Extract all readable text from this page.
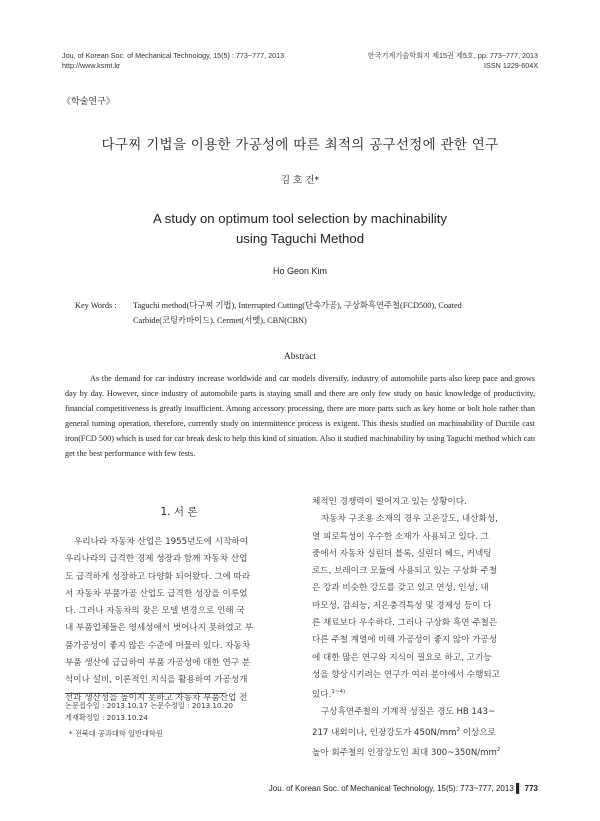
Jou. of Korean Soc. of Mechanical Technology, 15(5) : 773~777, 2013
http://www.ksmt.kr
한국기계기술학회지 제15권 제5호, pp. 773~777, 2013
ISSN 1229-604X
《학술연구》
다구찌 기법을 이용한 가공성에 따른 최적의 공구선정에 관한 연구
김 호 건*
A study on optimum tool selection by machinability
using Taguchi Method
Ho Geon Kim
Key Words : Taguchi method(다구찌 기법), Interrupted Cutting(단속가공), 구상화흑연주철(FCD500), Coated
Carbide(코팅카바이드), Cermet(서멧), CBN(CBN)
Abstract
As the demand for car industry increase worldwide and car models diversify, industry of automobile parts also keep pace and grows day by day. However, since industry of automobile parts is staying small and there are only few study on basic knowledge of productivity, financial competitiveness is greatly insufficient. Among accessory processing, there are more parts such as key home or bolt hole rather than general turning operation, therefore, currently study on intermittence process is exigent. This thesis studied on machinability of Ductile cast iron(FCD 500) which is used for car break desk to help this kind of situation. Also it studied machinability by using Taguchi method which can get the best performance with few tests.
1. 서 론

우리나라 자동차 산업은 1955년도에 시작하여

우리나라의 급격한 경제 성장과 함께 자동차 산업

도 급격하게 성장하고 다양화 되어왔다. 그에 따라

서 자동차 부품가공 산업도 급격한 성장을 이루었

다. 그러나 자동차의 잦은 모델 변경으로 인해 국

내 부품업체들은 영세성에서 벗어나지 못하였고 부

품가공성이 좋지 않은 수준에 머물러 있다. 자동차

부품 생산에 급급하여 부품 가공성에 대한 연구 분

석이나 설비, 이론적인 지식을 활용하여 가공성개

선과 생산성을 높이지 못하고 자동차 부품산업 전

체적인 경쟁력이 떨어지고 있는 상황이다.

자동차 구조용 소재의 경우 고온강도, 내산화성,

열 피로특성이 우수한 소재가 사용되고 있다. 그

중에서 자동차 실린더 블록, 실린더 헤드, 커넥팅

로드, 브레이크 모듈에 사용되고 있는 구상화 주철

은 강과 비슷한 강도를 갖고 있고 연성, 인성, 내

마모성, 감쇠능, 저온충격특성 및 경제성 등이 다

른 재료보다 우수하다. 그러나 구상화 흑연 주철은

다른 주철 계열에 비해 가공성이 좋지 않아 가공성

에 대한 많은 연구와 지식이 필요로 하고, 고기능

성을 향상시키려는 연구가 여러 분야에서 수행되고

있다.$^{1\sim 4)}$

구상흑연주철의 기계적 성질은 경도 HB 143~

217 내외이나, 인장강도가 $450N/mm^2$ 이상으로

높아 회주철의 인장강도인 최대 $300\sim 350N/mm^2$

논문접수일 : 2013.10.17 논문수정일 : 2013.10.20
게재확정일 : 2013.10.24
* 전북대 공과대학 일반대학원
Jou. of Korean Soc. of Mechanical Technology, 15(5): 773~777, 2013 ▌ 773
